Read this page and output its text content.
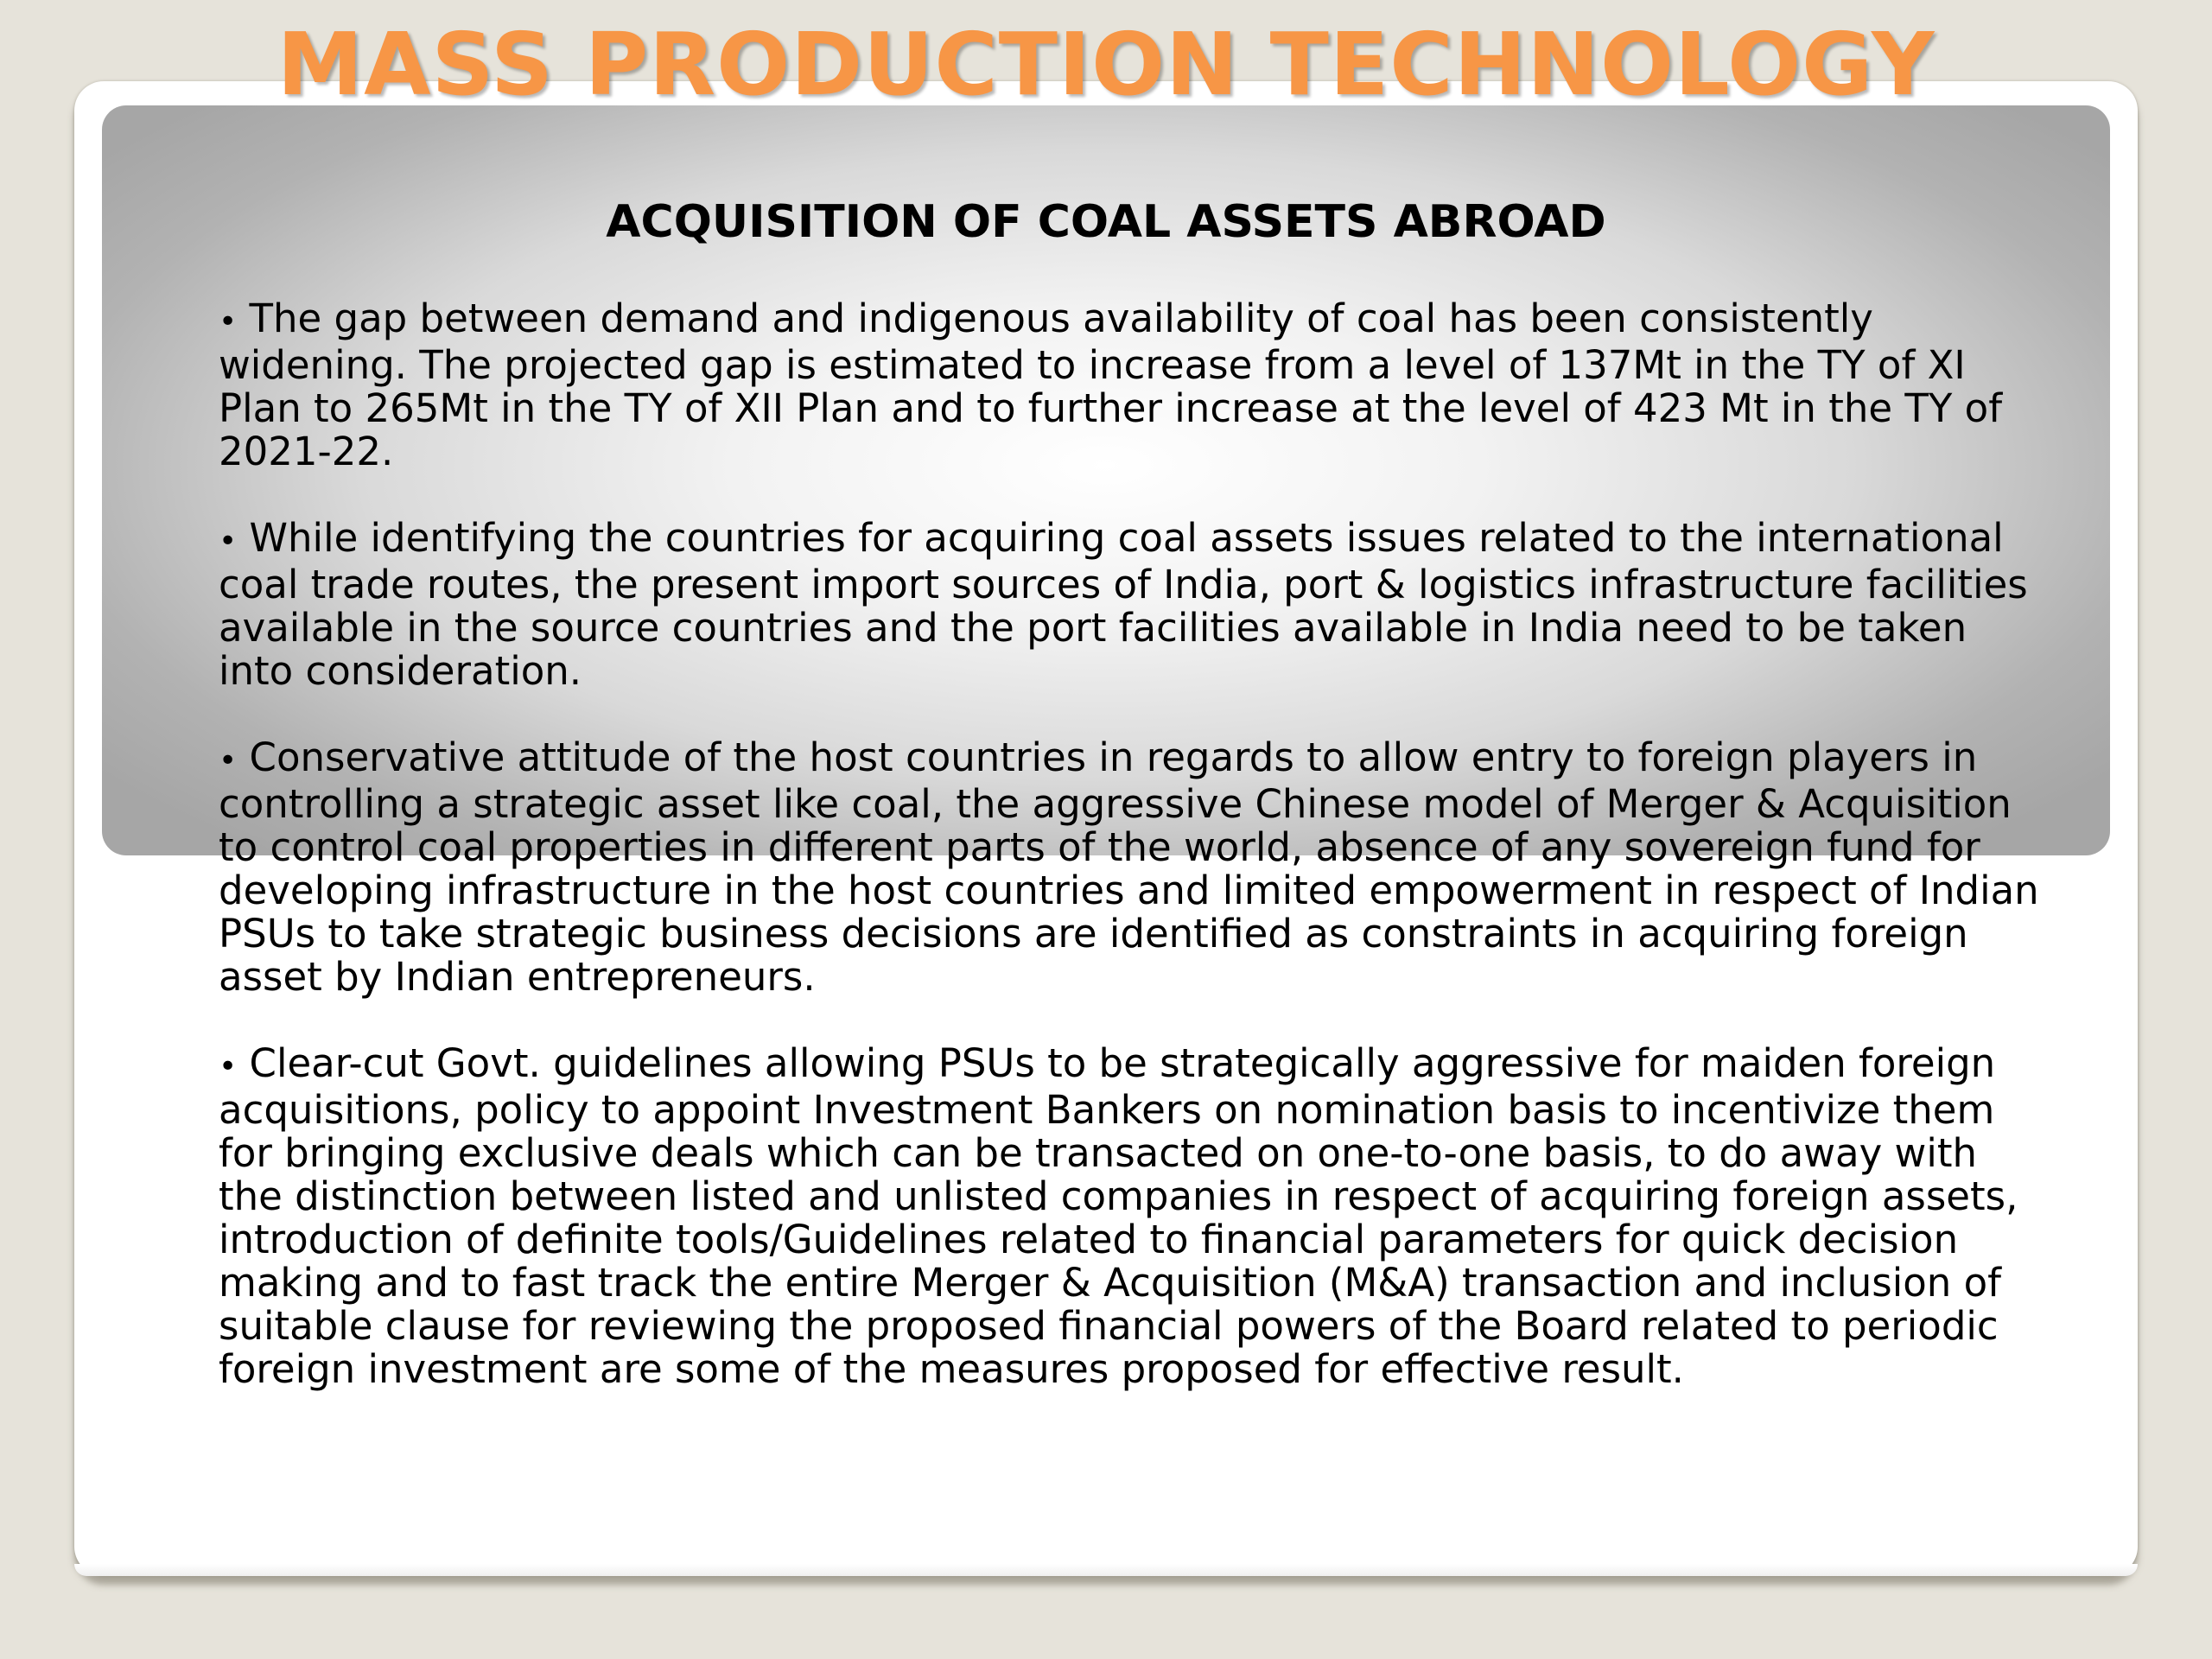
MASS PRODUCTION TECHNOLOGY
ACQUISITION OF COAL ASSETS ABROAD
• The gap between demand and indigenous availability of coal has been consistently widening. The projected gap is estimated to increase from a level of 137Mt in the TY of XI Plan to 265Mt in the TY of XII Plan and to further increase at the level of 423 Mt in the TY of 2021-22.
• While identifying the countries for acquiring coal assets issues related to the international coal trade routes, the present import sources of India, port & logistics infrastructure facilities available in the source countries and the port facilities available in India need to be taken into consideration.
• Conservative attitude of the host countries in regards to allow entry to foreign players in controlling a strategic asset like coal, the aggressive Chinese model of Merger & Acquisition to control coal properties in different parts of the world, absence of any sovereign fund for developing infrastructure in the host countries and limited empowerment in respect of Indian PSUs to take strategic business decisions are identified as constraints in acquiring foreign asset by Indian entrepreneurs.
• Clear-cut Govt. guidelines allowing PSUs to be strategically aggressive for maiden foreign acquisitions, policy to appoint Investment Bankers on nomination basis to incentivize them for bringing exclusive deals which can be transacted on one-to-one basis, to do away with the distinction between listed and unlisted companies in respect of acquiring foreign assets, introduction of definite tools/Guidelines related to financial parameters for quick decision making and to fast track the entire Merger & Acquisition (M&A) transaction and inclusion of suitable clause for reviewing the proposed financial powers of the Board related to periodic foreign investment are some of the measures proposed for effective result.
